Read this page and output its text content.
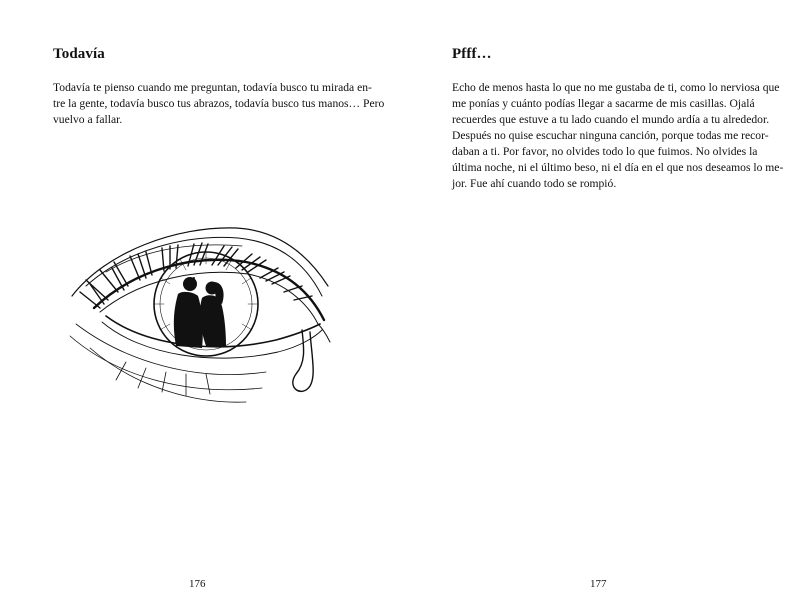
Todavía

Todavía te pienso cuando me preguntan, todavía busco tu mirada en-
tre la gente, todavía busco tus abrazos, todavía busco tus manos… Pero
vuelvo a fallar.

176
Pfff…

Echo de menos hasta lo que no me gustaba de ti, como lo nerviosa que
me ponías y cuánto podías llegar a sacarme de mis casillas. Ojalá
recuerdes que estuve a tu lado cuando el mundo ardía a tu alrededor.
Después no quise escuchar ninguna canción, porque todas me recor-
daban a ti. Por favor, no olvides todo lo que fuimos. No olvides la
última noche, ni el último beso, ni el día en el que nos deseamos lo me-
jor. Fue ahí cuando todo se rompió.

177
